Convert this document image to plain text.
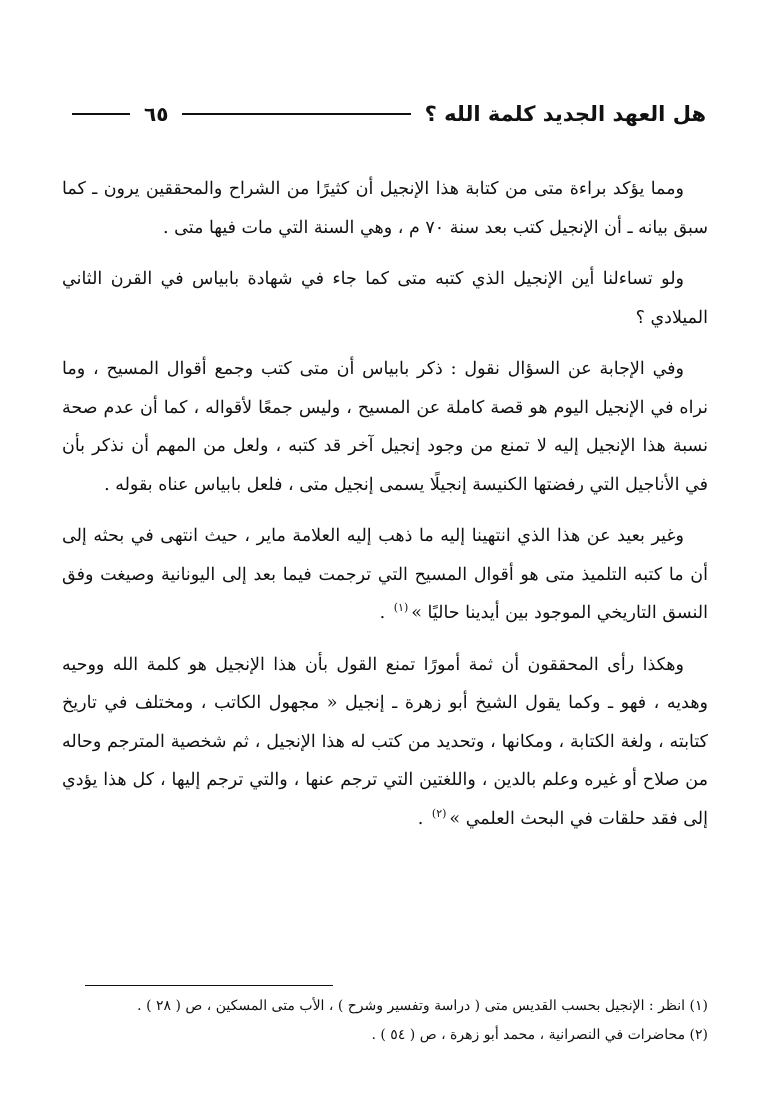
هل العهد الجديد كلمة الله ؟
٦٥

ومما يؤكد براءة متى من كتابة هذا الإنجيل أن كثيرًا من الشراح والمحققين يرون ـ كما سبق بيانه ـ أن الإنجيل كتب بعد سنة ٧٠ م ، وهي السنة التي مات فيها متى .

ولو تساءلنا أين الإنجيل الذي كتبه متى كما جاء في شهادة بابياس في القرن الثاني الميلادي ؟

وفي الإجابة عن السؤال نقول : ذكر بابياس أن متى كتب وجمع أقوال المسيح ، وما نراه في الإنجيل اليوم هو قصة كاملة عن المسيح ، وليس جمعًا لأقواله ، كما أن عدم صحة نسبة هذا الإنجيل إليه لا تمنع من وجود إنجيل آخر قد كتبه ، ولعل من المهم أن نذكر بأن في الأناجيل التي رفضتها الكنيسة إنجيلًا يسمى إنجيل متى ، فلعل بابياس عناه بقوله .

وغير بعيد عن هذا الذي انتهينا إليه ما ذهب إليه العلامة ماير ، حيث انتهى في بحثه إلى أن ما كتبه التلميذ متى هو أقوال المسيح التي ترجمت فيما بعد إلى اليونانية وصيغت وفق النسق التاريخي الموجود بين أيدينا حاليًا »$^{(١)}$ .

وهكذا رأى المحققون أن ثمة أمورًا تمنع القول بأن هذا الإنجيل هو كلمة الله ووحيه وهديه ، فهو ـ وكما يقول الشيخ أبو زهرة ـ إنجيل « مجهول الكاتب ، ومختلف في تاريخ كتابته ، ولغة الكتابة ، ومكانها ، وتحديد من كتب له هذا الإنجيل ، ثم شخصية المترجم وحاله من صلاح أو غيره وعلم بالدين ، واللغتين التي ترجم عنها ، والتي ترجم إليها ، كل هذا يؤدي إلى فقد حلقات في البحث العلمي »$^{(٢)}$ .

(١) انظر : الإنجيل بحسب القديس متى ( دراسة وتفسير وشرح ) ، الأب متى المسكين ، ص ( ٢٨ ) .

(٢) محاضرات في النصرانية ، محمد أبو زهرة ، ص ( ٥٤ ) .
